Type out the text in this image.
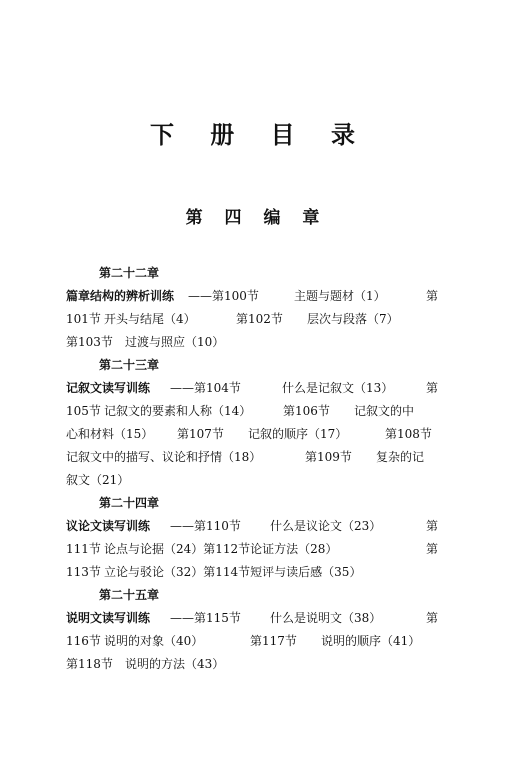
下 册 目 录
第 四 编 章
第二十二章
篇章结构的辨析训练 ——第100节	主题与题材（1）	第
101节 开头与结尾（4）	第102节 层次与段落（7）
第103节 过渡与照应（10）
第二十三章
记叙文读写训练 ——第104节	什么是记叙文（13）	第
105节 记叙文的要素和人称（14）	第106节 记叙文的中
心和材料（15） 第107节 记叙的顺序（17）	第108节
记叙文中的描写、议论和抒情（18）	第109节 复杂的记
叙文（21）
第二十四章
议论文读写训练 ——第110节 什么是议论文（23）	第
111节 论点与论据（24）第112节论证方法（28）	第
113节 立论与驳论（32）第114节短评与读后感（35）
第二十五章
说明文读写训练 ——第115节 什么是说明文（38）	第
116节 说明的对象（40）	第117节 说明的顺序（41）
第118节 说明的方法（43）
